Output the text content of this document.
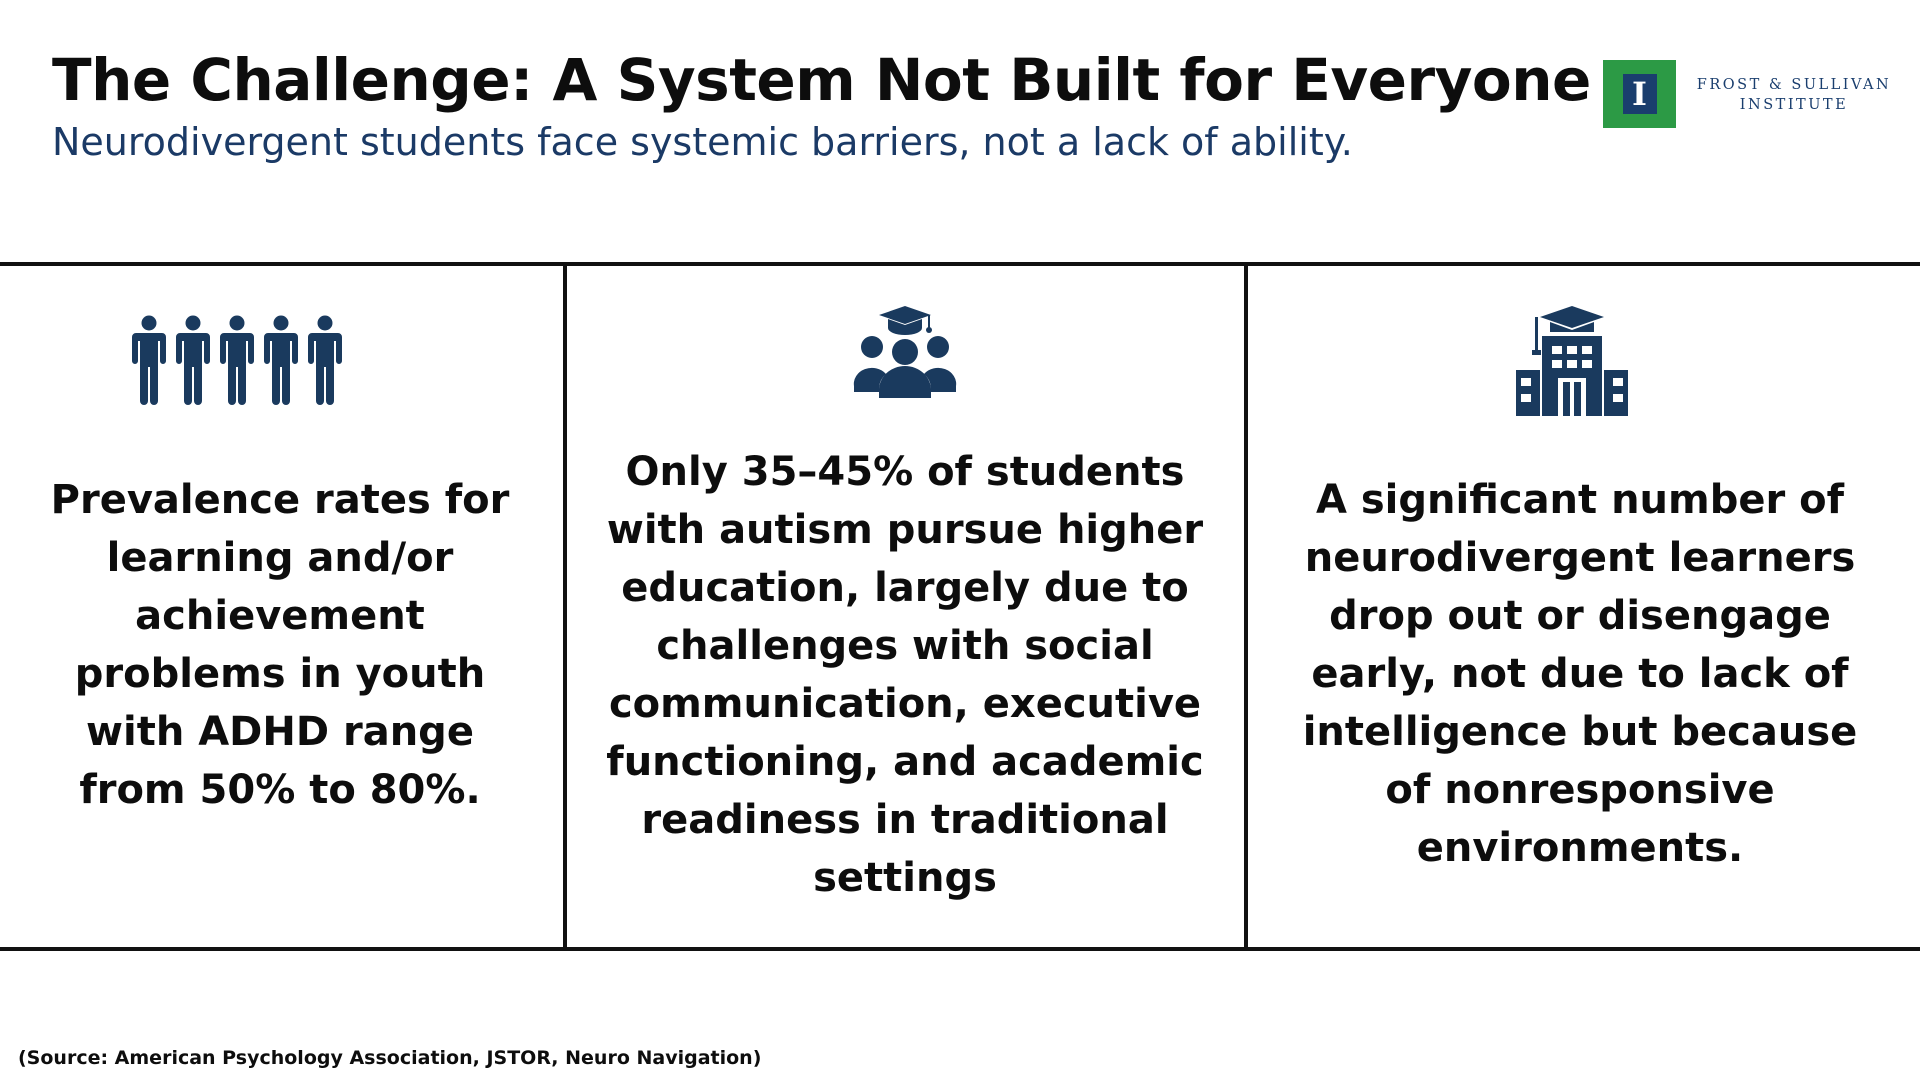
The Challenge: A System Not Built for Everyone
Neurodivergent students face systemic barriers, not a lack of ability.
I	FROST & SULLIVAN
INSTITUTE
Prevalence rates for learning and/or achievement problems in youth with ADHD range from 50% to 80%.
Only 35–45% of students with autism pursue higher education, largely due to challenges with social communication, executive functioning, and academic readiness in traditional settings
A significant number of neurodivergent learners drop out or disengage early, not due to lack of intelligence but because of nonresponsive environments.
(Source: American Psychology Association, JSTOR, Neuro Navigation)
